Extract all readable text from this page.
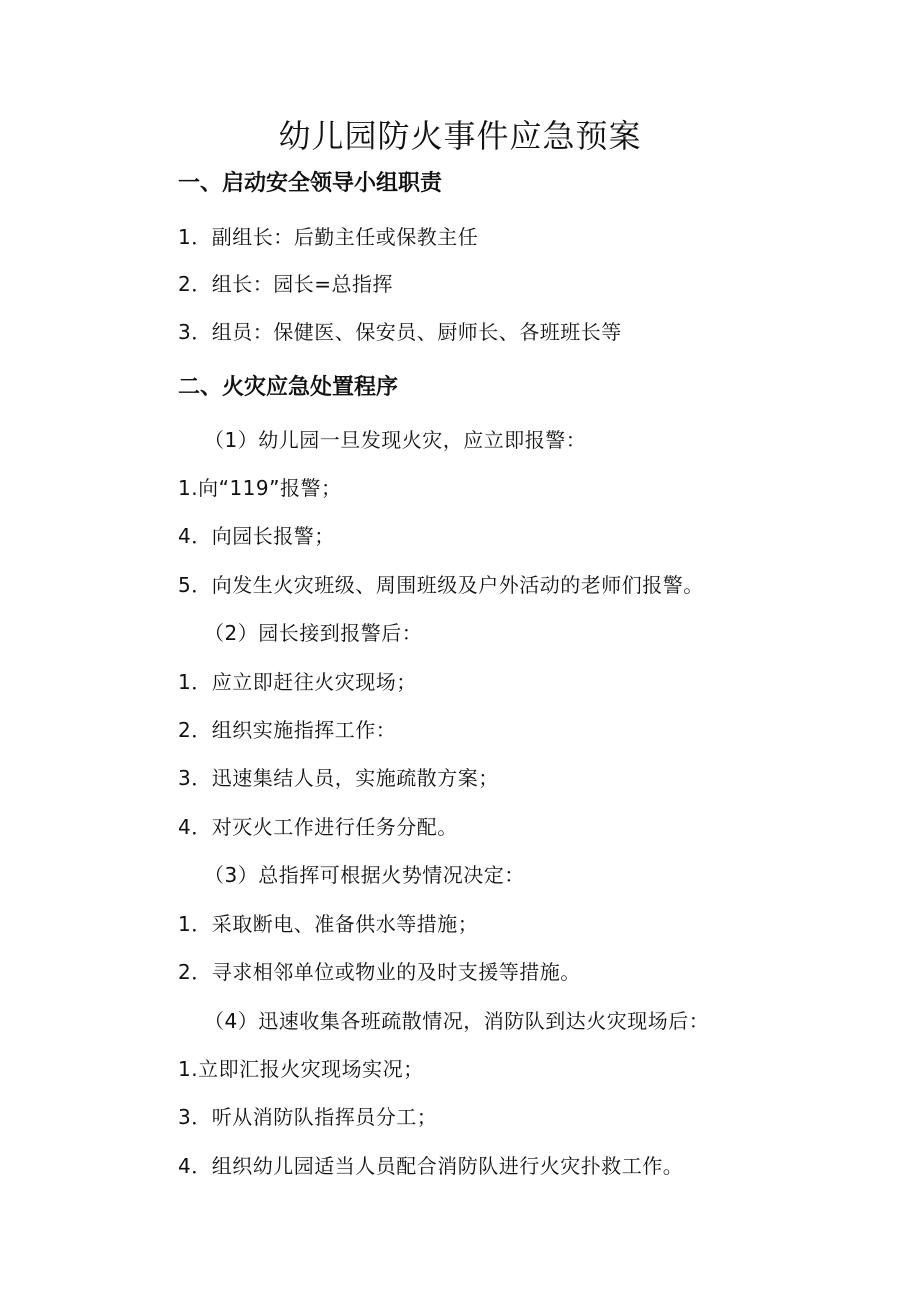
幼儿园防火事件应急预案
一、启动安全领导小组职责
1．副组长：后勤主任或保教主任
2．组长：园长=总指挥
3．组员：保健医、保安员、厨师长、各班班长等
二、火灾应急处置程序
（1）幼儿园一旦发现火灾，应立即报警：
1.向“119”报警；
4．向园长报警；
5．向发生火灾班级、周围班级及户外活动的老师们报警。
（2）园长接到报警后：
1．应立即赶往火灾现场；
2．组织实施指挥工作：
3．迅速集结人员，实施疏散方案；
4．对灭火工作进行任务分配。
（3）总指挥可根据火势情况决定：
1．采取断电、准备供水等措施；
2．寻求相邻单位或物业的及时支援等措施。
（4）迅速收集各班疏散情况，消防队到达火灾现场后：
1.立即汇报火灾现场实况；
3．听从消防队指挥员分工；
4．组织幼儿园适当人员配合消防队进行火灾扑救工作。
